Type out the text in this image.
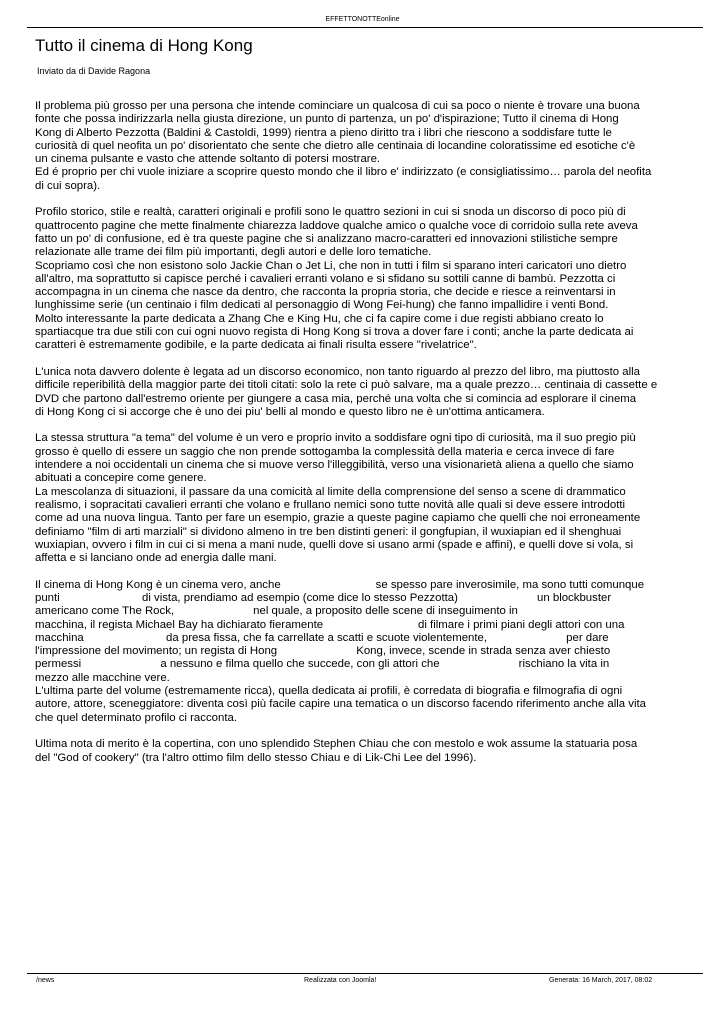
EFFETTONOTTEonline
Tutto il cinema di Hong Kong
Inviato da di Davide Ragona

Il problema più grosso per una persona che intende cominciare un qualcosa di cui sa poco o niente è trovare una buona
fonte che possa indirizzarla nella giusta direzione, un punto di partenza, un po' d'ispirazione; Tutto il cinema di Hong
Kong di Alberto Pezzotta (Baldini & Castoldi, 1999) rientra a pieno diritto tra i libri che riescono a soddisfare tutte le
curiosità di quel neofita un po' disorientato che sente che dietro alle centinaia di locandine coloratissime ed esotiche c'è
un cinema pulsante e vasto che attende soltanto di potersi mostrare.
Ed é proprio per chi vuole iniziare a scoprire questo mondo che il libro e' indirizzato (e consigliatissimo… parola del neofita
di cui sopra).

Profilo storico, stile e realtà, caratteri originali e profili sono le quattro sezioni in cui si snoda un discorso di poco più di
quattrocento pagine che mette finalmente chiarezza laddove qualche amico o qualche voce di corridoio sulla rete aveva
fatto un po' di confusione, ed è tra queste pagine che si analizzano macro-caratteri ed innovazioni stilistiche sempre
relazionate alle trame dei film più importanti, degli autori e delle loro tematiche.
Scopriamo così che non esistono solo Jackie Chan o Jet Li, che non in tutti i film si sparano interi caricatori uno dietro
all'altro, ma soprattutto si capisce perché i cavalieri erranti volano e si sfidano su sottili canne di bambù. Pezzotta ci
accompagna in un cinema che nasce da dentro, che racconta la propria storia, che decide e riesce a reinventarsi in
lunghissime serie (un centinaio i film dedicati al personaggio di Wong Fei-hung) che fanno impallidire i venti Bond.
Molto interessante la parte dedicata a Zhang Che e King Hu, che ci fa capire come i due registi abbiano creato lo
spartiacque tra due stili con cui ogni nuovo regista di Hong Kong si trova a dover fare i conti; anche la parte dedicata ai
caratteri è estremamente godibile, e la parte dedicata ai finali risulta essere "rivelatrice".

L'unica nota davvero dolente è legata ad un discorso economico, non tanto riguardo al prezzo del libro, ma piuttosto alla
difficile reperibilità della maggior parte dei titoli citati: solo la rete ci può salvare, ma a quale prezzo… centinaia di cassette e
DVD che partono dall'estremo oriente per giungere a casa mia, perché una volta che si comincia ad esplorare il cinema
di Hong Kong ci si accorge che è uno dei piu' belli al mondo e questo libro ne è un'ottima anticamera.

La stessa struttura "a tema" del volume è un vero e proprio invito a soddisfare ogni tipo di curiosità, ma il suo pregio più
grosso è quello di essere un saggio che non prende sottogamba la complessità della materia e cerca invece di fare
intendere a noi occidentali un cinema che si muove verso l'illeggibilità, verso una visionarietà aliena a quello che siamo
abituati a concepire come genere.
La mescolanza di situazioni, il passare da una comicità al limite della comprensione del senso a scene di drammatico
realismo, i sopracitati cavalieri erranti che volano e frullano nemici sono tutte novità alle quali si deve essere introdotti
come ad una nuova lingua. Tanto per fare un esempio, grazie a queste pagine capiamo che quelli che noi erroneamente
definiamo "film di arti marziali" si dividono almeno in tre ben distinti generi: il gongfupian, il wuxiapian ed il shenghuai
wuxiapian, ovvero i film in cui ci si mena a mani nude, quelli dove si usano armi (spade e affini), e quelli dove si vola, si
affetta e si lanciano onde ad energia dalle mani.

Il cinema di Hong Kong è un cinema vero, anche                              se spesso pare inverosimile, ma sono tutti comunque
punti                          di vista, prendiamo ad esempio (come dice lo stesso Pezzotta)                         un blockbuster
americano come The Rock,                         nel quale, a proposito delle scene di inseguimento in
macchina, il regista Michael Bay ha dichiarato fieramente                              di filmare i primi piani degli attori con una
macchina                          da presa fissa, che fa carrellate a scatti e scuote violentemente,                         per dare
l'impressione del movimento; un regista di Hong                         Kong, invece, scende in strada senza aver chiesto
permessi                         a nessuno e filma quello che succede, con gli attori che                         rischiano la vita in
mezzo alle macchine vere.
L'ultima parte del volume (estremamente ricca), quella dedicata ai profili, è corredata di biografia e filmografia di ogni
autore, attore, sceneggiatore: diventa così più facile capire una tematica o un discorso facendo riferimento anche alla vita
che quel determinato profilo ci racconta.

Ultima nota di merito è la copertina, con uno splendido Stephen Chiau che con mestolo e wok assume la statuaria posa
del "God of cookery" (tra l'altro ottimo film dello stesso Chiau e di Lik-Chi Lee del 1996).

/news	Realizzata con Joomla!	Generata: 16 March, 2017, 08:02
